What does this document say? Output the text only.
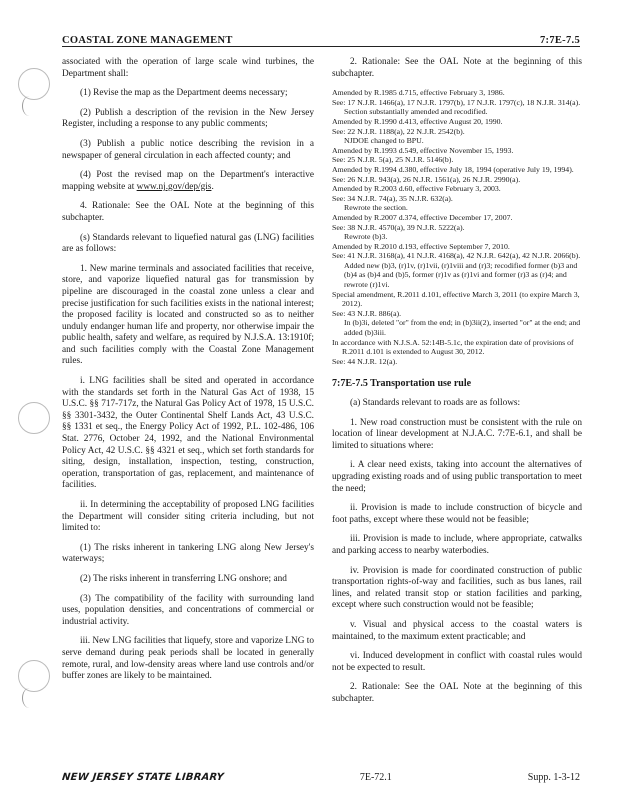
COASTAL ZONE MANAGEMENT	7:7E-7.5

associated with the operation of large scale wind turbines, the Department shall:

(1) Revise the map as the Department deems necessary;

(2) Publish a description of the revision in the New Jersey Register, including a response to any public comments;

(3) Publish a public notice describing the revision in a newspaper of general circulation in each affected county; and

(4) Post the revised map on the Department's interactive mapping website at www.nj.gov/dep/gis.

4. Rationale: See the OAL Note at the beginning of this subchapter.

(s) Standards relevant to liquefied natural gas (LNG) facilities are as follows:

1. New marine terminals and associated facilities that receive, store, and vaporize liquefied natural gas for transmission by pipeline are discouraged in the coastal zone unless a clear and precise justification for such facilities exists in the national interest; the proposed facility is located and constructed so as to neither unduly endanger human life and property, nor otherwise impair the public health, safety and welfare, as required by N.J.S.A. 13:1910f; and such facilities comply with the Coastal Zone Management rules.

i. LNG facilities shall be sited and operated in accordance with the standards set forth in the Natural Gas Act of 1938, 15 U.S.C. §§ 717-717z, the Natural Gas Policy Act of 1978, 15 U.S.C. §§ 3301-3432, the Outer Continental Shelf Lands Act, 43 U.S.C. §§ 1331 et seq., the Energy Policy Act of 1992, P.L. 102-486, 106 Stat. 2776, October 24, 1992, and the National Environmental Policy Act, 42 U.S.C. §§ 4321 et seq., which set forth standards for siting, design, installation, inspection, testing, construction, operation, transportation of gas, replacement, and maintenance of facilities.

ii. In determining the acceptability of proposed LNG facilities the Department will consider siting criteria including, but not limited to:

(1) The risks inherent in tankering LNG along New Jersey's waterways;

(2) The risks inherent in transferring LNG onshore; and

(3) The compatibility of the facility with surrounding land uses, population densities, and concentrations of commercial or industrial activity.

iii. New LNG facilities that liquefy, store and vaporize LNG to serve demand during peak periods shall be located in generally remote, rural, and low-density areas where land use controls and/or buffer zones are likely to be maintained.

2. Rationale: See the OAL Note at the beginning of this subchapter.

Amended by R.1985 d.715, effective February 3, 1986.

See: 17 N.J.R. 1466(a), 17 N.J.R. 1797(b), 17 N.J.R. 1797(c), 18 N.J.R. 314(a).

Section substantially amended and recodified.

Amended by R.1990 d.413, effective August 20, 1990.

See: 22 N.J.R. 1188(a), 22 N.J.R. 2542(b).

NJDOE changed to BPU.

Amended by R.1993 d.549, effective November 15, 1993.

See: 25 N.J.R. 5(a), 25 N.J.R. 5146(b).

Amended by R.1994 d.380, effective July 18, 1994 (operative July 19, 1994).

See: 26 N.J.R. 943(a), 26 N.J.R. 1561(a), 26 N.J.R. 2990(a).

Amended by R.2003 d.60, effective February 3, 2003.

See: 34 N.J.R. 74(a), 35 N.J.R. 632(a).

Rewrote the section.

Amended by R.2007 d.374, effective December 17, 2007.

See: 38 N.J.R. 4570(a), 39 N.J.R. 5222(a).

Rewrote (b)3.

Amended by R.2010 d.193, effective September 7, 2010.

See: 41 N.J.R. 3168(a), 41 N.J.R. 4168(a), 42 N.J.R. 642(a), 42 N.J.R. 2066(b).

Added new (b)3, (r)1v, (r)1vii, (r)1viii and (r)3; recodified former (b)3 and (b)4 as (b)4 and (b)5, former (r)1v as (r)1vi and former (r)3 as (r)4; and rewrote (r)1vi.

Special amendment, R.2011 d.101, effective March 3, 2011 (to expire March 3, 2012).

See: 43 N.J.R. 886(a).

In (b)3i, deleted "or" from the end; in (b)3ii(2), inserted "or" at the end; and added (b)3iii.

In accordance with N.J.S.A. 52:14B-5.1c, the expiration date of provisions of R.2011 d.101 is extended to August 30, 2012.

See: 44 N.J.R. 12(a).

7:7E-7.5 Transportation use rule

(a) Standards relevant to roads are as follows:

1. New road construction must be consistent with the rule on location of linear development at N.J.A.C. 7:7E-6.1, and shall be limited to situations where:

i. A clear need exists, taking into account the alternatives of upgrading existing roads and of using public transportation to meet the need;

ii. Provision is made to include construction of bicycle and foot paths, except where these would not be feasible;

iii. Provision is made to include, where appropriate, catwalks and parking access to nearby waterbodies.

iv. Provision is made for coordinated construction of public transportation rights-of-way and facilities, such as bus lanes, rail lines, and related transit stop or station facilities and parking, except where such construction would not be feasible;

v. Visual and physical access to the coastal waters is maintained, to the maximum extent practicable; and

vi. Induced development in conflict with coastal rules would not be expected to result.

2. Rationale: See the OAL Note at the beginning of this subchapter.

NEW JERSEY STATE LIBRARY	7E-72.1	Supp. 1-3-12
